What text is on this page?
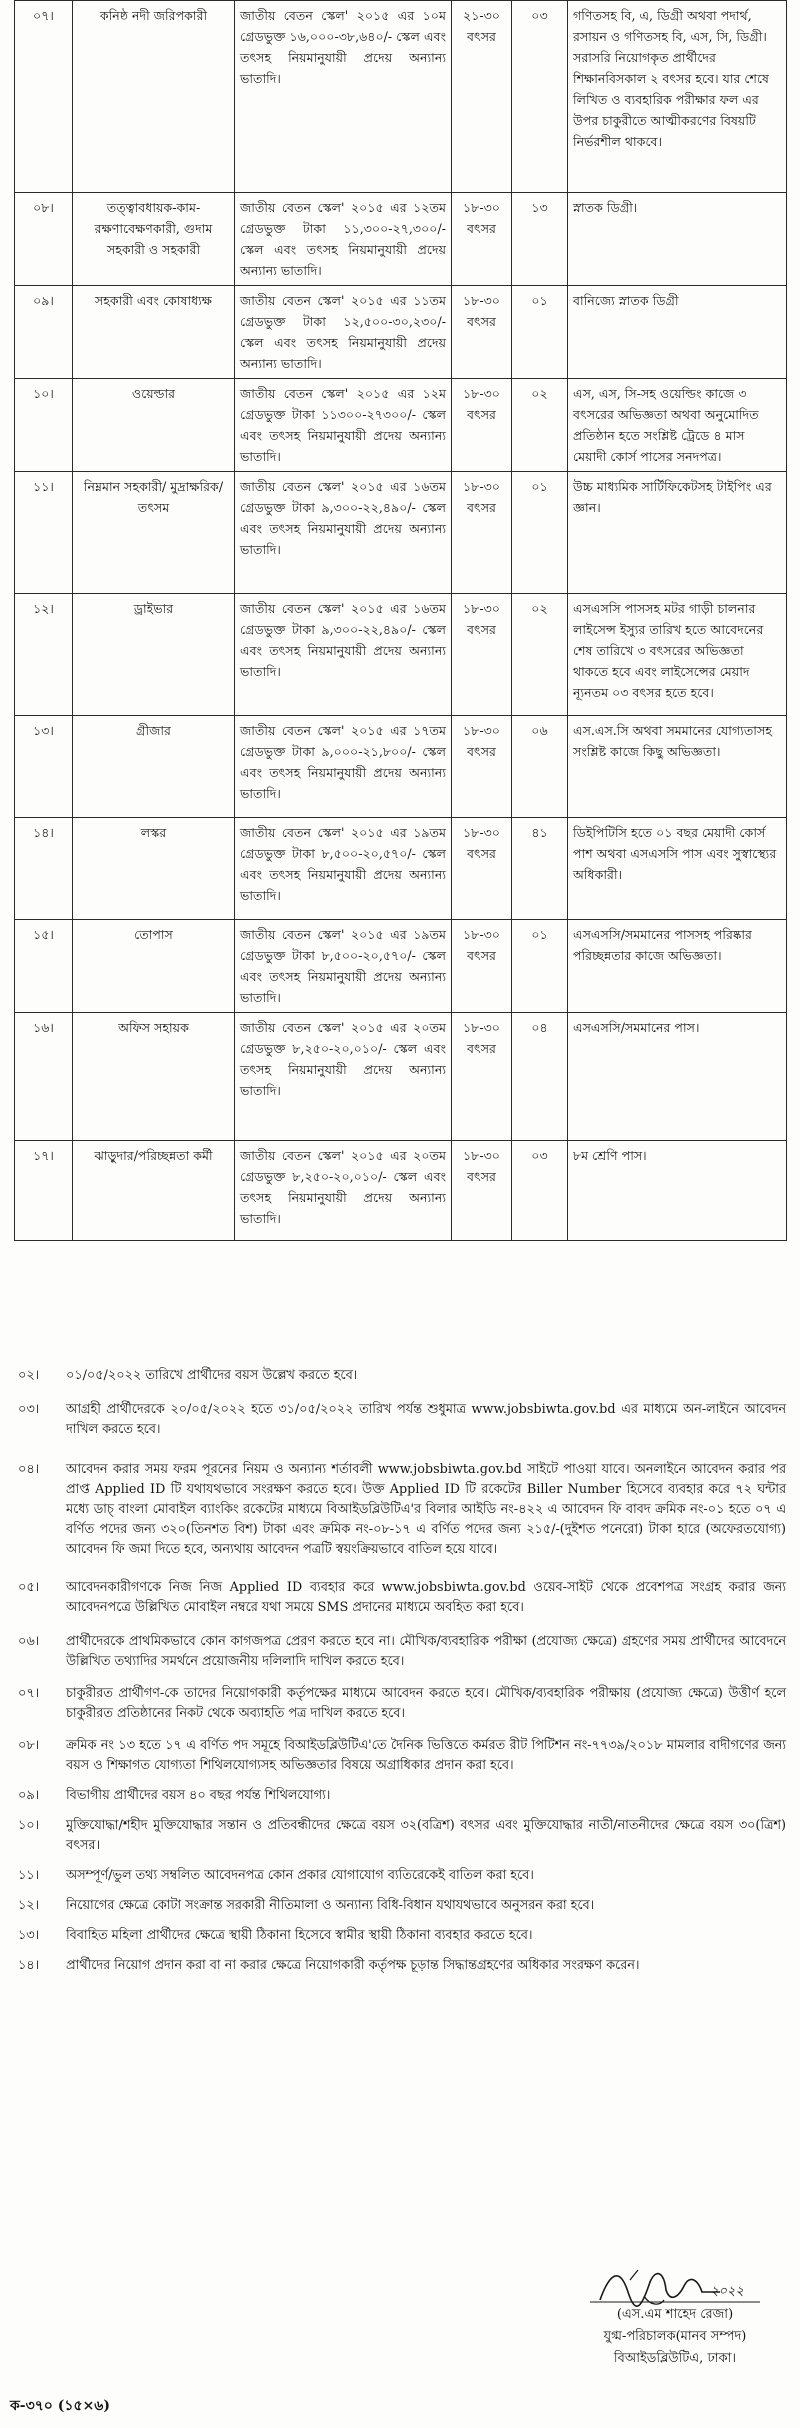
০৭।	কনিষ্ঠ নদী জরিপকারী	জাতীয় বেতন স্কেল' ২০১৫ এর ১০ম গ্রেডভুক্ত ১৬,০০০-৩৮,৬৪০/- স্কেল এবং তৎসহ নিয়মানুযায়ী প্রদেয় অন্যান্য ভাতাদি।	২১-৩০ বৎসর	০৩	গণিতসহ বি, এ, ডিগ্রী অথবা পদার্থ, রসায়ন ও গণিতসহ বি, এস, সি, ডিগ্রী। সরাসরি নিয়োগকৃত প্রার্থীদের শিক্ষানবিসকাল ২ বৎসর হবে। যার শেষে লিখিত ও ব্যবহারিক পরীক্ষার ফল এর উপর চাকুরীতে আত্মীকরণের বিষয়টি নির্ভরশীল থাকবে।
০৮।	তত্ত্বাবধায়ক-কাম-রক্ষণাবেক্ষণকারী, গুদাম সহকারী ও সহকারী	জাতীয় বেতন স্কেল' ২০১৫ এর ১২তম গ্রেডভুক্ত টাকা ১১,৩০০-২৭,৩০০/- স্কেল এবং তৎসহ নিয়মানুযায়ী প্রদেয় অন্যান্য ভাতাদি।	১৮-৩০ বৎসর	১৩	স্নাতক ডিগ্রী।
০৯।	সহকারী এবং কোষাধ্যক্ষ	জাতীয় বেতন স্কেল' ২০১৫ এর ১১তম গ্রেডভুক্ত টাকা ১২,৫০০-৩০,২৩০/- স্কেল এবং তৎসহ নিয়মানুযায়ী প্রদেয় অন্যান্য ভাতাদি।	১৮-৩০ বৎসর	০১	বানিজ্যে স্নাতক ডিগ্রী
১০।	ওয়েল্ডার	জাতীয় বেতন স্কেল' ২০১৫ এর ১২ম গ্রেডভুক্ত টাকা ১১৩০০-২৭৩০০/- স্কেল এবং তৎসহ নিয়মানুযায়ী প্রদেয় অন্যান্য ভাতাদি।	১৮-৩০ বৎসর	০২	এস, এস, সি-সহ ওয়েল্ডিং কাজে ৩ বৎসরের অভিজ্ঞতা অথবা অনুমোদিত প্রতিষ্ঠান হতে সংশ্লিষ্ট ট্রেডে ৪ মাস মেয়াদী কোর্স পাসের সনদপত্র।
১১।	নিম্নমান সহকারী/ মুদ্রাক্ষরিক/তৎসম	জাতীয় বেতন স্কেল' ২০১৫ এর ১৬তম গ্রেডভুক্ত টাকা ৯,৩০০-২২,৪৯০/- স্কেল এবং তৎসহ নিয়মানুযায়ী প্রদেয় অন্যান্য ভাতাদি।	১৮-৩০ বৎসর	০১	উচ্চ মাধ্যমিক সার্টিফিকেটসহ টাইপিং এর জ্ঞান।
১২।	ড্রাইভার	জাতীয় বেতন স্কেল' ২০১৫ এর ১৬তম গ্রেডভুক্ত টাকা ৯,৩০০-২২,৪৯০/- স্কেল এবং তৎসহ নিয়মানুযায়ী প্রদেয় অন্যান্য ভাতাদি।	১৮-৩০ বৎসর	০২	এসএসসি পাসসহ মটর গাড়ী চালনার লাইসেন্স ইস্যুর তারিখ হতে আবেদনের শেষ তারিখে ৩ বৎসরের অভিজ্ঞতা থাকতে হবে এবং লাইসেন্সের মেয়াদ ন্যূনতম ০৩ বৎসর হতে হবে।
১৩।	গ্রীজার	জাতীয় বেতন স্কেল' ২০১৫ এর ১৭তম গ্রেডভুক্ত টাকা ৯,০০০-২১,৮০০/- স্কেল এবং তৎসহ নিয়মানুযায়ী প্রদেয় অন্যান্য ভাতাদি।	১৮-৩০ বৎসর	০৬	এস.এস.সি অথবা সমমানের যোগ্যতাসহ সংশ্লিষ্ট কাজে কিছু অভিজ্ঞতা।
১৪।	লস্কর	জাতীয় বেতন স্কেল' ২০১৫ এর ১৯তম গ্রেডভুক্ত টাকা ৮,৫০০-২০,৫৭০/- স্কেল এবং তৎসহ নিয়মানুযায়ী প্রদেয় অন্যান্য ভাতাদি।	১৮-৩০ বৎসর	৪১	ডিইপিটিসি হতে ০১ বছর মেয়াদী কোর্স পাশ অথবা এসএসসি পাস এবং সুস্বাস্থ্যের অধিকারী।
১৫।	তোপাস	জাতীয় বেতন স্কেল' ২০১৫ এর ১৯তম গ্রেডভুক্ত টাকা ৮,৫০০-২০,৫৭০/- স্কেল এবং তৎসহ নিয়মানুযায়ী প্রদেয় অন্যান্য ভাতাদি।	১৮-৩০ বৎসর	০১	এসএসসি/সমমানের পাসসহ পরিষ্কার পরিচ্ছন্নতার কাজে অভিজ্ঞতা।
১৬।	অফিস সহায়ক	জাতীয় বেতন স্কেল' ২০১৫ এর ২০তম গ্রেডভুক্ত ৮,২৫০-২০,০১০/- স্কেল এবং তৎসহ নিয়মানুযায়ী প্রদেয় অন্যান্য ভাতাদি।	১৮-৩০ বৎসর	০৪	এসএসসি/সমমানের পাস।
১৭।	ঝাড়ুদার/পরিচ্ছন্নতা কর্মী	জাতীয় বেতন স্কেল' ২০১৫ এর ২০তম গ্রেডভুক্ত ৮,২৫০-২০,০১০/- স্কেল এবং তৎসহ নিয়মানুযায়ী প্রদেয় অন্যান্য ভাতাদি।	১৮-৩০ বৎসর	০৩	৮ম শ্রেণি পাস।
০২।	০১/০৫/২০২২ তারিখে প্রার্থীদের বয়স উল্লেখ করতে হবে।
০৩।	আগ্রহী প্রার্থীদেরকে ২০/০৫/২০২২ হতে ৩১/০৫/২০২২ তারিখ পর্যন্ত শুধুমাত্র www.jobsbiwta.gov.bd এর মাধ্যমে অন-লাইনে আবেদন দাখিল করতে হবে।
০৪।	আবেদন করার সময় ফরম পূরনের নিয়ম ও অন্যান্য শর্তাবলী www.jobsbiwta.gov.bd সাইটে পাওয়া যাবে। অনলাইনে আবেদন করার পর প্রাপ্ত Applied ID টি যথাযথভাবে সংরক্ষণ করতে হবে। উক্ত Applied ID টি রকেটের Biller Number হিসেবে ব্যবহার করে ৭২ ঘন্টার মধ্যে ডাচ্ বাংলা মোবাইল ব্যাংকিং রকেটের মাধ্যমে বিআইডব্লিউটিএ'র বিলার আইডি নং-৪২২ এ আবেদন ফি বাবদ ক্রমিক নং-০১ হতে ০৭ এ বর্ণিত পদের জন্য ৩২০(তিনশত বিশ) টাকা এবং ক্রমিক নং-০৮-১৭ এ বর্ণিত পদের জন্য ২১৫/-(দুইশত পনেরো) টাকা হারে (অফেরতযোগ্য) আবেদন ফি জমা দিতে হবে, অন্যথায় আবেদন পত্রটি স্বয়ংক্রিয়ভাবে বাতিল হয়ে যাবে।
০৫।	আবেদনকারীগণকে নিজ নিজ Applied ID ব্যবহার করে www.jobsbiwta.gov.bd ওয়েব-সাইট থেকে প্রবেশপত্র সংগ্রহ করার জন্য আবেদনপত্রে উল্লিখিত মোবাইল নম্বরে যথা সময়ে SMS প্রদানের মাধ্যমে অবহিত করা হবে।
০৬।	প্রার্থীদেরকে প্রাথমিকভাবে কোন কাগজপত্র প্রেরণ করতে হবে না। মৌখিক/ব্যবহারিক পরীক্ষা (প্রযোজ্য ক্ষেত্রে) গ্রহণের সময় প্রার্থীদের আবেদনে উল্লিখিত তথ্যাদির সমর্থনে প্রয়োজনীয় দলিলাদি দাখিল করতে হবে।
০৭।	চাকুরীরত প্রার্থীগণ-কে তাদের নিয়োগকারী কর্তৃপক্ষের মাধ্যমে আবেদন করতে হবে। মৌখিক/ব্যবহারিক পরীক্ষায় (প্রযোজ্য ক্ষেত্রে) উত্তীর্ণ হলে চাকুরীরত প্রতিষ্ঠানের নিকট থেকে অব্যাহতি পত্র দাখিল করতে হবে।
০৮।	ক্রমিক নং ১৩ হতে ১৭ এ বর্ণিত পদ সমূহে বিআইডব্লিউটিএ'তে দৈনিক ভিত্তিতে কর্মরত রীট পিটিশন নং-৭৭৩৯/২০১৮ মামলার বাদীগণের জন্য বয়স ও শিক্ষাগত যোগ্যতা শিথিলযোগ্যসহ অভিজ্ঞতার বিষয়ে অগ্রাধিকার প্রদান করা হবে।
০৯।	বিভাগীয় প্রার্থীদের বয়স ৪০ বছর পর্যন্ত শিথিলযোগ্য।
১০।	মুক্তিযোদ্ধা/শহীদ মুক্তিযোদ্ধার সন্তান ও প্রতিবন্ধীদের ক্ষেত্রে বয়স ৩২(বত্রিশ) বৎসর এবং মুক্তিযোদ্ধার নাতী/নাতনীদের ক্ষেত্রে বয়স ৩০(ত্রিশ) বৎসর।
১১।	অসম্পূর্ণ/ভুল তথ্য সম্বলিত আবেদনপত্র কোন প্রকার যোগাযোগ ব্যতিরেকেই বাতিল করা হবে।
১২।	নিয়োগের ক্ষেত্রে কোটা সংক্রান্ত সরকারী নীতিমালা ও অন্যান্য বিধি-বিধান যথাযথভাবে অনুসরন করা হবে।
১৩।	বিবাহিত মহিলা প্রার্থীদের ক্ষেত্রে স্থায়ী ঠিকানা হিসেবে স্বামীর স্থায়ী ঠিকানা ব্যবহার করতে হবে।
১৪।	প্রার্থীদের নিয়োগ প্রদান করা বা না করার ক্ষেত্রে নিয়োগকারী কর্তৃপক্ষ চূড়ান্ত সিদ্ধান্তগ্রহণের অধিকার সংরক্ষণ করেন।
২০২২
(এস.এম শাহেদ রেজা)
যুগ্ম-পরিচালক(মানব সম্পদ)
বিআইডব্লিউটিএ, ঢাকা।
ক-৩৭০ (১৫×৬)
